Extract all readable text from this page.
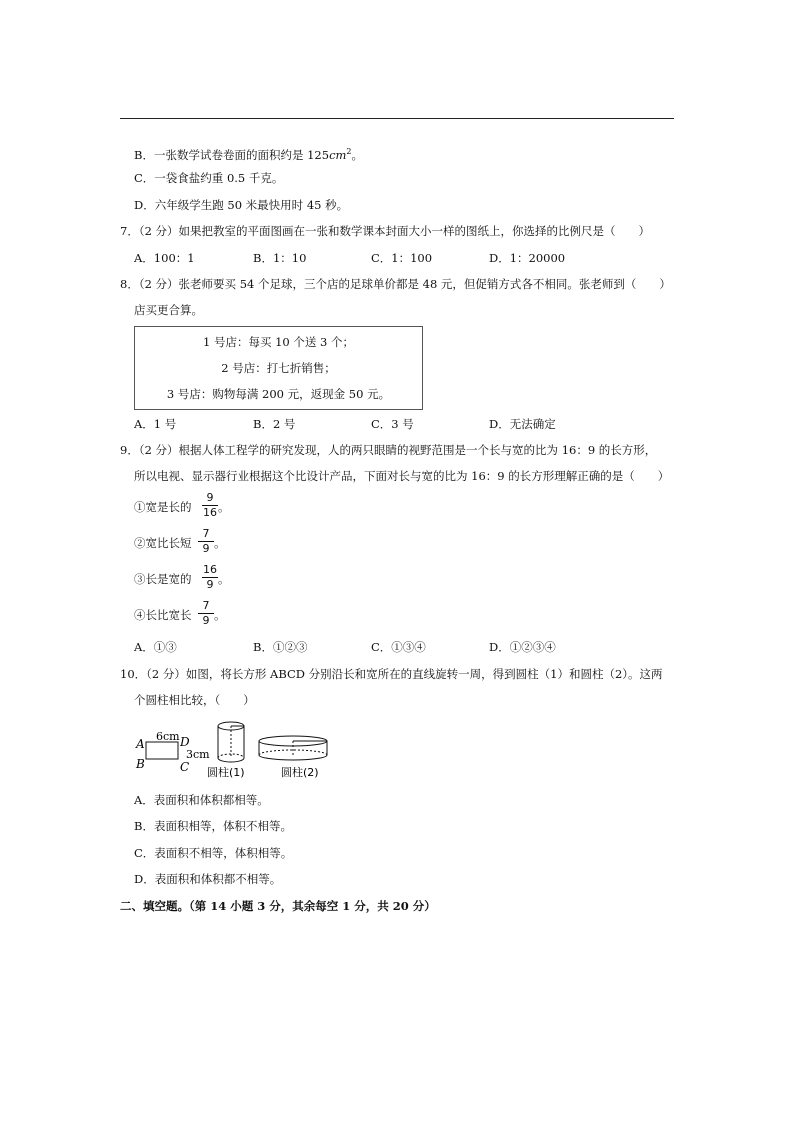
B．一张数学试卷卷面的面积约是 $125cm^2$。
C．一袋食盐约重 0.5 千克。
D．六年级学生跑 50 米最快用时 45 秒。
7．（2 分）如果把教室的平面图画在一张和数学课本封面大小一样的图纸上，你选择的比例尺是（　　）
A．100：1	B．1：10	C．1：100	D．1：20000
8．（2 分）张老师要买 54 个足球，三个店的足球单价都是 48 元，但促销方式各不相同。张老师到（　　）
店买更合算。
1 号店：每买 10 个送 3 个；
2 号店：打七折销售；
3 号店：购物每满 200 元，返现金 50 元。
A．1 号	B．2 号	C．3 号	D．无法确定
9．（2 分）根据人体工程学的研究发现，人的两只眼睛的视野范围是一个长与宽的比为 16：9 的长方形，
所以电视、显示器行业根据这个比设计产品，下面对长与宽的比为 16：9 的长方形理解正确的是（　　）
①宽是长的
9
16 。
②宽比长短
7
9 。
③长是宽的
16
9 。
④长比宽长
7
9 。
A．①③	B．①②③	C．①③④	D．①②③④
10．（2 分）如图，将长方形 ABCD 分别沿长和宽所在的直线旋转一周，得到圆柱（1）和圆柱（2）。这两
个圆柱相比较，（　　）
A
B
D
C
6cm
3cm
圆柱(1)	圆柱(2)
A．表面积和体积都相等。
B．表面积相等，体积不相等。
C．表面积不相等，体积相等。
D．表面积和体积都不相等。
二、填空题。（第 14 小题 3 分，其余每空 1 分，共 20 分）
